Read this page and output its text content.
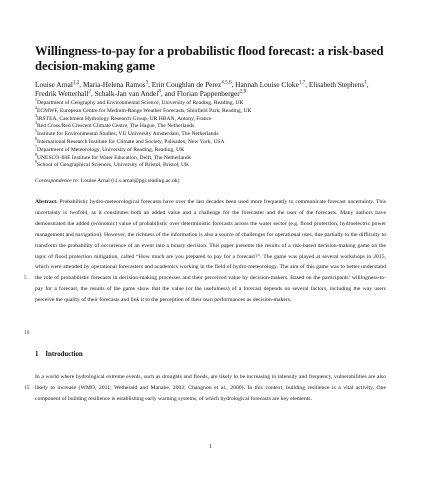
Willingness-to-pay for a probabilistic flood forecast: a risk-based decision-making game
Louise Arnal$^{1,2}$, Maria-Helena Ramos$^3$, Erin Coughlan de Perez$^{4,5,6}$, Hannah Louise Cloke$^{1,7}$, Elisabeth Stephens$^1$, Fredrik Wetterhall$^2$, Schalk-Jan van Andel$^8$, and Florian Pappenberger$^{2,9}$
$^1$Department of Geography and Environmental Science, University of Reading, Reading, UK
$^2$ECMWF, European Centre for Medium-Range Weather Forecasts, Shinfield Park, Reading, UK
$^3$IRSTEA, Catchment Hydrology Research Group, UR HBAN, Antony, France
$^4$Red Cross/Red Crescent Climate Centre, The Hague, The Netherlands
$^5$Institute for Environmental Studies, VU University Amsterdam, The Netherlands
$^6$International Research Institute for Climate and Society, Palisades, New York, USA
$^7$Department of Meteorology, University of Reading, Reading, UK
$^8$UNESCO-IHE Institute for Water Education, Delft, The Netherlands
$^9$School of Geographical Sciences, University of Bristol, Bristol, UK
Correspondence to: Louise Arnal (l.l.s.arnal@pgr.reading.ac.uk)
Abstract. Probabilistic hydro-meteorological forecasts have over the last decades been used more frequently to communicate forecast uncertainty. This uncertainty is twofold, as it constitutes both an added value and a challenge for the forecaster and the user of the forecasts. Many authors have demonstrated the added (economic) value of probabilistic over deterministic forecasts across the water sector (e.g. flood protection, hydroelectric power management and navigation). However, the richness of the information is also a source of challenges for operational uses, due partially to the difficulty to transform the probability of occurrence of an event into a binary decision. This paper presents the results of a risk-based decision-making game on the topic of flood protection mitigation, called “How much are you prepared to pay for a forecast?”. The game was played at several workshops in 2015, which were attended by operational forecasters and academics working in the field of hydro-meteorology. The aim of this game was to better understand the role of probabilistic forecasts in decision-making processes and their perceived value by decision-makers. Based on the participants’ willingness-to-pay for a forecast, the results of the game show that the value (or the usefulness) of a forecast depends on several factors, including the way users perceive the quality of their forecasts and link it to the perception of their own performances as decision-makers.
5
10
1 Introduction
In a world where hydrological extreme events, such as droughts and floods, are likely to be increasing in intensity and frequency, vulnerabilities are also likely to increase (WMO, 2011; Wetherald and Manabe, 2002; Changnon et al., 2000). In this context, building resilience is a vital activity. One component of building resilience is establishing early warning systems, of which hydrological forecasts are key elements.
15
1
